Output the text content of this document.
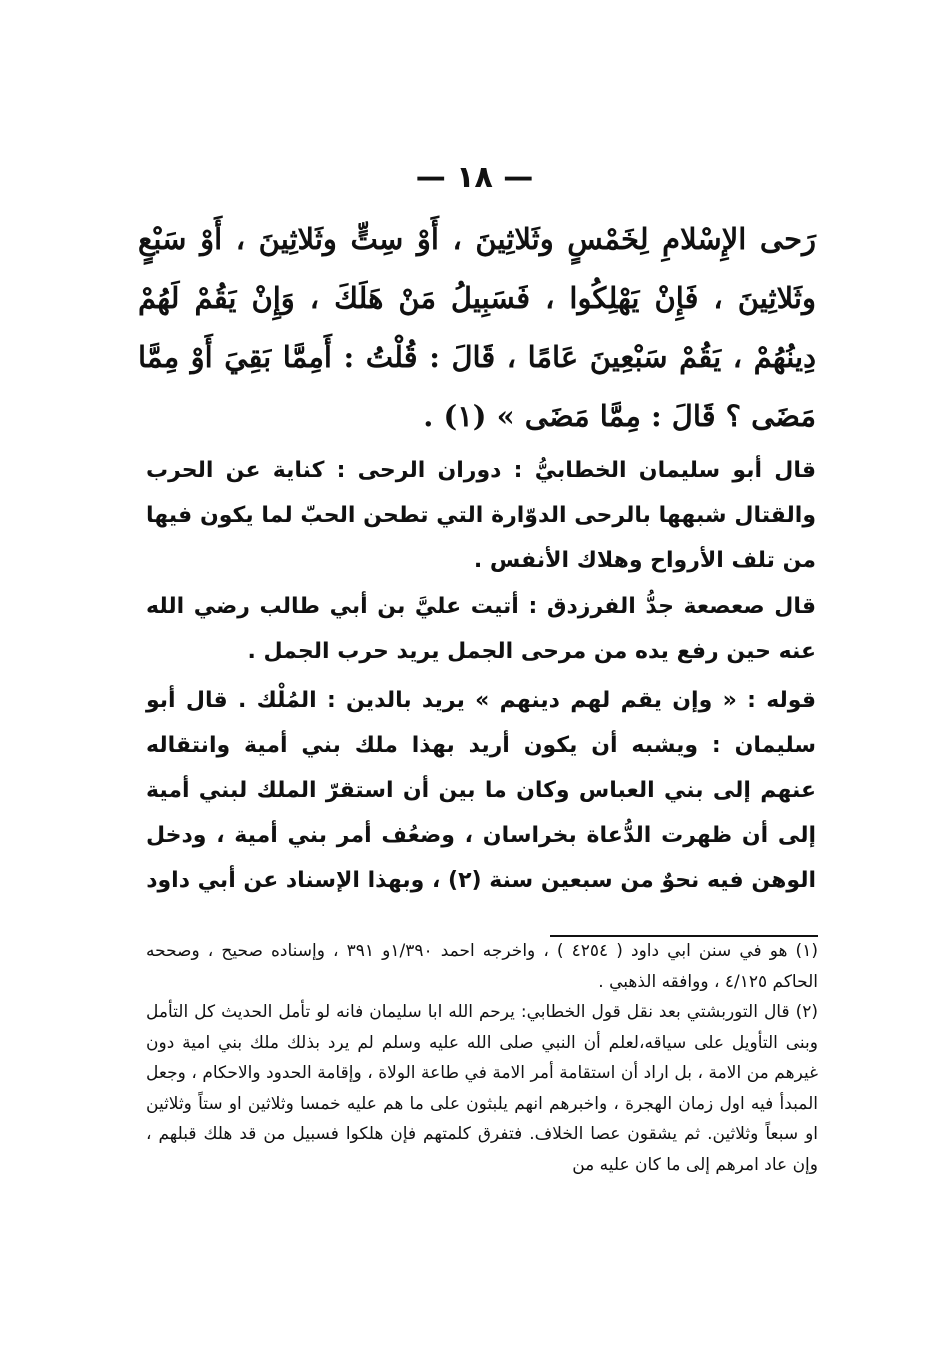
— ١٨ —

رَحى الإِسْلامِ لِخَمْسٍ وثَلاثِينَ ، أَوْ سِتٍّ وثَلاثِينَ ، أَوْ سَبْعٍ وثَلاثِينَ ، فَإِنْ يَهْلِكُوا ، فَسَبِيلُ مَنْ هَلَكَ ، وَإِنْ يَقُمْ لَهُمْ دِينُهُمْ ، يَقُمْ سَبْعِينَ عَامًا ، قَالَ : قُلْتُ : أَمِمَّا بَقِيَ أَوْ مِمَّا مَضَى ؟ قَالَ : مِمَّا مَضَى » (١) .

قال أبو سليمان الخطابيُّ : دوران الرحى : كناية عن الحرب والقتال شبهها بالرحى الدوّارة التي تطحن الحبّ لما يكون فيها من تلف الأرواح وهلاك الأنفس .

قال صعصعة جدُّ الفرزدق : أتيت عليَّ بن أبي طالب رضي الله عنه حين رفع يده من مرحى الجمل يريد حرب الجمل .

قوله : « وإن يقم لهم دينهم » يريد بالدين : المُلْك . قال أبو سليمان : ويشبه أن يكون أريد بهذا ملك بني أمية وانتقاله عنهم إلى بني العباس وكان ما بين أن استقرّ الملك لبني أمية إلى أن ظهرت الدُّعاة بخراسان ، وضعُف أمر بني أمية ، ودخل الوهن فيه نحوٌ من سبعين سنة (٢) ، وبهذا الإسناد عن أبي داود

(١) هو في سنن ابي داود ( ٤٢٥٤ ) ، واخرجه احمد ١/٣٩٠و ٣٩١ ، وإسناده صحيح ، وصححه الحاكم ٤/١٢٥ ، ووافقه الذهبي .

(٢) قال التوربشتي بعد نقل قول الخطابي: يرحم الله ابا سليمان فانه لو تأمل الحديث كل التأمل وبنى التأويل على سياقه،لعلم أن النبي صلى الله عليه وسلم لم يرد بذلك ملك بني امية دون غيرهم من الامة ، بل اراد أن استقامة أمر الامة في طاعة الولاة ، وإقامة الحدود والاحكام ، وجعل المبدأ فيه اول زمان الهجرة ، واخبرهم انهم يلبثون على ما هم عليه خمسا وثلاثين او ستاً وثلاثين او سبعاً وثلاثين. ثم يشقون عصا الخلاف. فتفرق كلمتهم فإن هلكوا فسبيل من قد هلك قبلهم ، وإن عاد امرهم إلى ما كان عليه من
